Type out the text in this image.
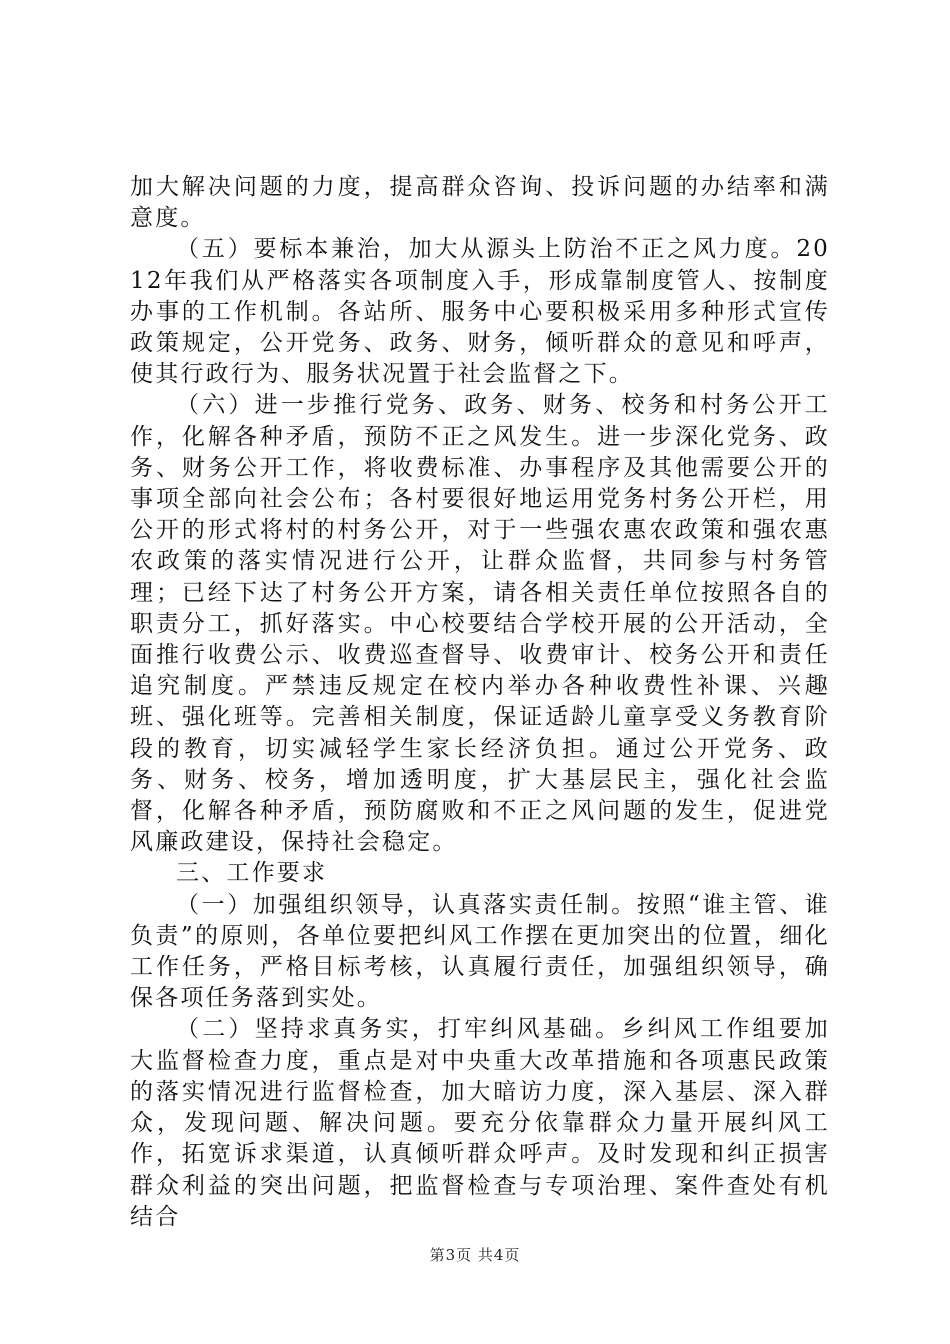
加大解决问题的力度，提高群众咨询、投诉问题的办结率和满意度。

（五）要标本兼治，加大从源头上防治不正之风力度。2012年我们从严格落实各项制度入手，形成靠制度管人、按制度办事的工作机制。各站所、服务中心要积极采用多种形式宣传政策规定，公开党务、政务、财务，倾听群众的意见和呼声，使其行政行为、服务状况置于社会监督之下。

（六）进一步推行党务、政务、财务、校务和村务公开工作，化解各种矛盾，预防不正之风发生。进一步深化党务、政务、财务公开工作，将收费标准、办事程序及其他需要公开的事项全部向社会公布；各村要很好地运用党务村务公开栏，用公开的形式将村的村务公开，对于一些强农惠农政策和强农惠农政策的落实情况进行公开，让群众监督，共同参与村务管理；已经下达了村务公开方案，请各相关责任单位按照各自的职责分工，抓好落实。中心校要结合学校开展的公开活动，全面推行收费公示、收费巡查督导、收费审计、校务公开和责任追究制度。严禁违反规定在校内举办各种收费性补课、兴趣班、强化班等。完善相关制度，保证适龄儿童享受义务教育阶段的教育，切实减轻学生家长经济负担。通过公开党务、政务、财务、校务，增加透明度，扩大基层民主，强化社会监督，化解各种矛盾，预防腐败和不正之风问题的发生，促进党风廉政建设，保持社会稳定。

三、工作要求

（一）加强组织领导，认真落实责任制。按照“谁主管、谁负责”的原则，各单位要把纠风工作摆在更加突出的位置，细化工作任务，严格目标考核，认真履行责任，加强组织领导，确保各项任务落到实处。

（二）坚持求真务实，打牢纠风基础。乡纠风工作组要加大监督检查力度，重点是对中央重大改革措施和各项惠民政策的落实情况进行监督检查，加大暗访力度，深入基层、深入群众，发现问题、解决问题。要充分依靠群众力量开展纠风工作，拓宽诉求渠道，认真倾听群众呼声。及时发现和纠正损害群众利益的突出问题，把监督检查与专项治理、案件查处有机结合

第3页 共4页
